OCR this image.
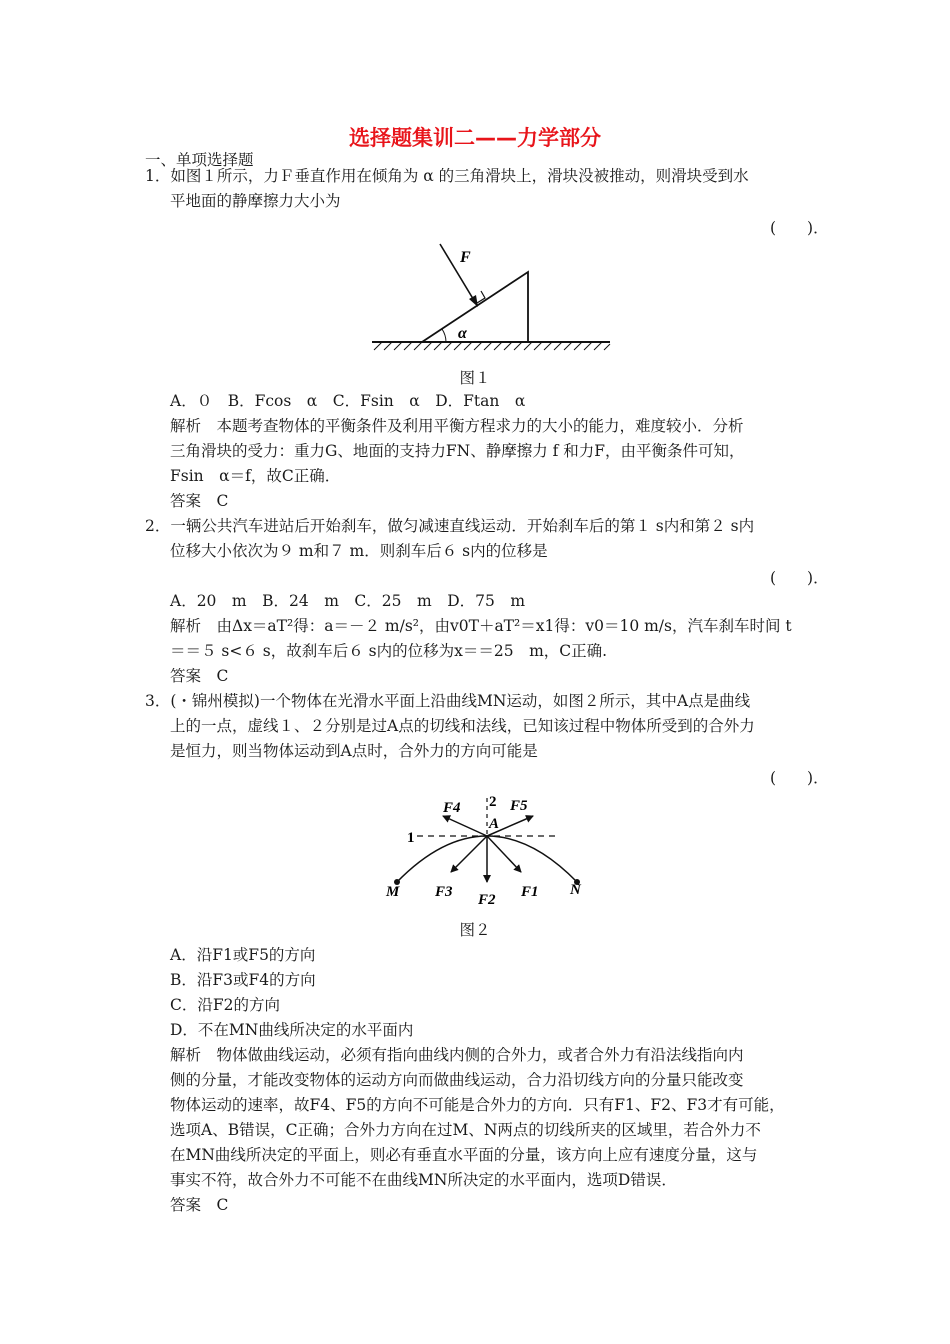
选择题集训二——力学部分
一、单项选择题
1．如图１所示，力Ｆ垂直作用在倾角为 α 的三角滑块上，滑块没被推动，则滑块受到水
平地面的静摩擦力大小为
(　　)．
F
α
图１
A．０　B．Fcos　α　C．Fsin　α　D．Ftan　α
解析　本题考查物体的平衡条件及利用平衡方程求力的大小的能力，难度较小．分析
三角滑块的受力：重力G、地面的支持力FN、静摩擦力 f 和力F，由平衡条件可知，
Fsin　α＝f，故C正确．
答案　C
2．一辆公共汽车进站后开始刹车，做匀减速直线运动．开始刹车后的第１ s内和第２ s内
位移大小依次为９ m和７ m．则刹车后６ s内的位移是
(　　)．
A．20　m　B．24　m　C．25　m　D．75　m
解析　由Δx＝aT²得：a＝－２ m/s²，由v0T＋aT²＝x1得：v0＝10 m/s，汽车刹车时间 t
＝＝５ s<６ s，故刹车后６ s内的位移为x＝＝25　m，C正确.
答案　C
3．(・锦州模拟)一个物体在光滑水平面上沿曲线MN运动，如图２所示，其中A点是曲线
上的一点，虚线１、２分别是过A点的切线和法线，已知该过程中物体所受到的合外力
是恒力，则当物体运动到A点时，合外力的方向可能是
(　　)．
F4	F5
2
A
1
M	N
F3 F2 F1
图２
A．沿F1或F5的方向
B．沿F3或F4的方向
C．沿F2的方向
D．不在MN曲线所决定的水平面内
解析　物体做曲线运动，必须有指向曲线内侧的合外力，或者合外力有沿法线指向内
侧的分量，才能改变物体的运动方向而做曲线运动，合力沿切线方向的分量只能改变
物体运动的速率，故F4、F5的方向不可能是合外力的方向．只有F1、F2、F3才有可能，
选项A、B错误，C正确；合外力方向在过M、N两点的切线所夹的区域里，若合外力不
在MN曲线所决定的平面上，则必有垂直水平面的分量，该方向上应有速度分量，这与
事实不符，故合外力不可能不在曲线MN所决定的水平面内，选项D错误．
答案　C
